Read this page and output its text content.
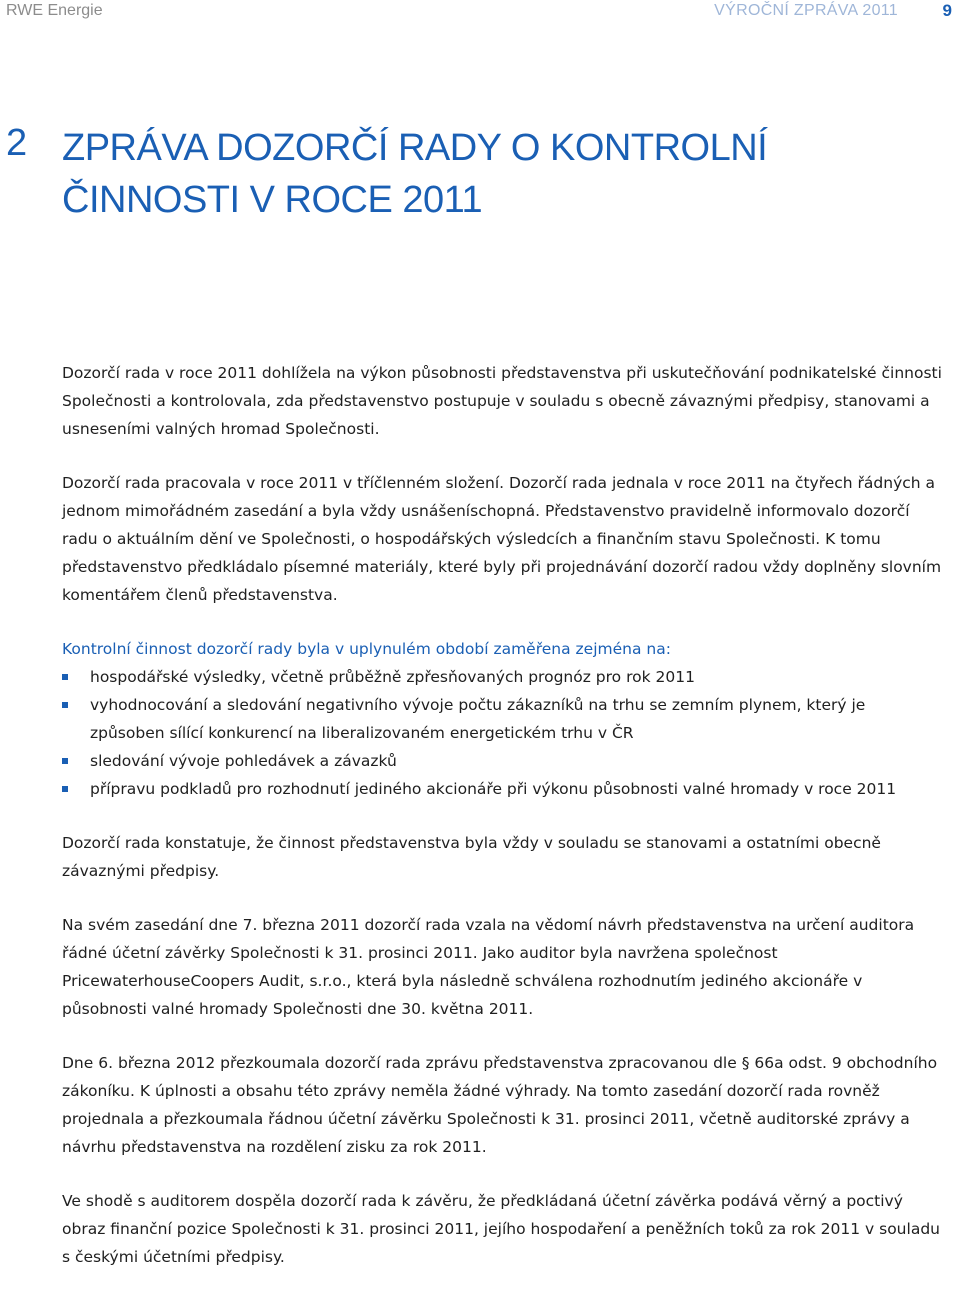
RWE Energie	VÝROČNÍ ZPRÁVA 2011	9
2 ZPRÁVA DOZORČÍ RADY O KONTROLNÍ ČINNOSTI V ROCE 2011

Dozorčí rada v roce 2011 dohlížela na výkon působnosti představenstva při uskutečňování podnikatelské činnosti Společnosti a kontrolovala, zda představenstvo postupuje v souladu s obecně závaznými předpisy, stanovami a usneseními valných hromad Společnosti.

Dozorčí rada pracovala v roce 2011 v tříčlenném složení. Dozorčí rada jednala v roce 2011 na čtyřech řádných a jednom mimořádném zasedání a byla vždy usnášeníschopná. Představenstvo pravidelně informovalo dozorčí radu o aktuálním dění ve Společnosti, o hospodářských výsledcích a finančním stavu Společnosti. K tomu představenstvo předkládalo písemné materiály, které byly při projednávání dozorčí radou vždy doplněny slovním komentářem členů představenstva.

Kontrolní činnost dozorčí rady byla v uplynulém období zaměřena zejména na:

hospodářské výsledky, včetně průběžně zpřesňovaných prognóz pro rok 2011
vyhodnocování a sledování negativního vývoje počtu zákazníků na trhu se zemním plynem, který je způsoben sílící konkurencí na liberalizovaném energetickém trhu v ČR
sledování vývoje pohledávek a závazků
přípravu podkladů pro rozhodnutí jediného akcionáře při výkonu působnosti valné hromady v roce 2011

Dozorčí rada konstatuje, že činnost představenstva byla vždy v souladu se stanovami a ostatními obecně závaznými předpisy.

Na svém zasedání dne 7. března 2011 dozorčí rada vzala na vědomí návrh představenstva na určení auditora řádné účetní závěrky Společnosti k 31. prosinci 2011. Jako auditor byla navržena společnost PricewaterhouseCoopers Audit, s.r.o., která byla následně schválena rozhodnutím jediného akcionáře v působnosti valné hromady Společnosti dne 30. května 2011.

Dne 6. března 2012 přezkoumala dozorčí rada zprávu představenstva zpracovanou dle § 66a odst. 9 obchodního zákoníku. K úplnosti a obsahu této zprávy neměla žádné výhrady. Na tomto zasedání dozorčí rada rovněž projednala a přezkoumala řádnou účetní závěrku Společnosti k 31. prosinci 2011, včetně auditorské zprávy a návrhu představenstva na rozdělení zisku za rok 2011.

Ve shodě s auditorem dospěla dozorčí rada k závěru, že předkládaná účetní závěrka podává věrný a poctivý obraz finanční pozice Společnosti k 31. prosinci 2011, jejího hospodaření a peněžních toků za rok 2011 v souladu s českými účetními předpisy.
